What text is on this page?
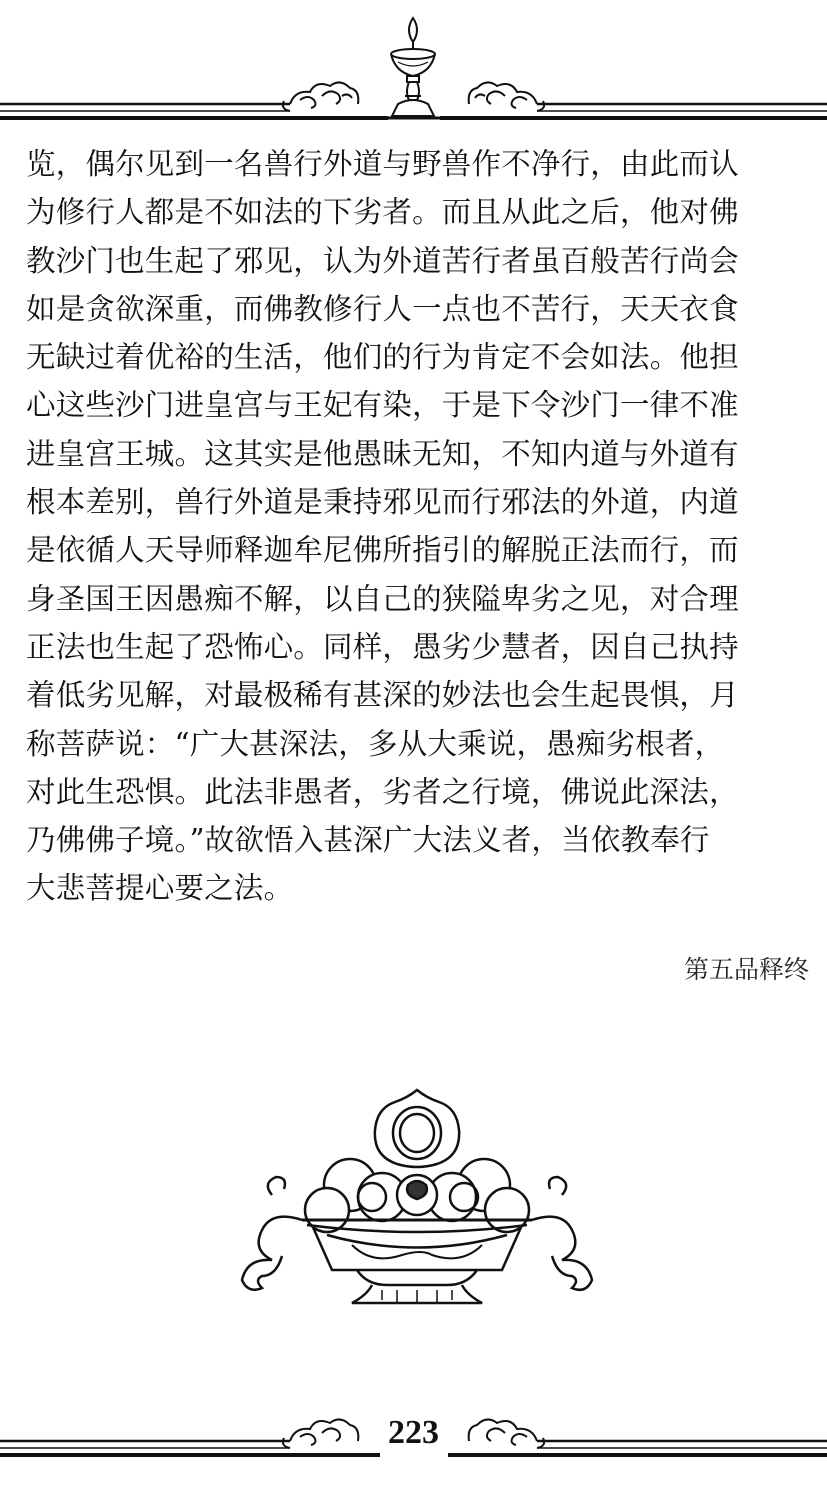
览，偶尔见到一名兽行外道与野兽作不净行，由此而认
为修行人都是不如法的下劣者。而且从此之后，他对佛
教沙门也生起了邪见，认为外道苦行者虽百般苦行尚会
如是贪欲深重，而佛教修行人一点也不苦行，天天衣食
无缺过着优裕的生活，他们的行为肯定不会如法。他担
心这些沙门进皇宫与王妃有染，于是下令沙门一律不准
进皇宫王城。这其实是他愚昧无知，不知内道与外道有
根本差别，兽行外道是秉持邪见而行邪法的外道，内道
是依循人天导师释迦牟尼佛所指引的解脱正法而行，而
身圣国王因愚痴不解，以自己的狭隘卑劣之见，对合理
正法也生起了恐怖心。同样，愚劣少慧者，因自己执持
着低劣见解，对最极稀有甚深的妙法也会生起畏惧，月
称菩萨说：“广大甚深法，多从大乘说，愚痴劣根者，
对此生恐惧。此法非愚者，劣者之行境，佛说此深法，
乃佛佛子境。”故欲悟入甚深广大法义者，当依教奉行
大悲菩提心要之法。
第五品释终
223
